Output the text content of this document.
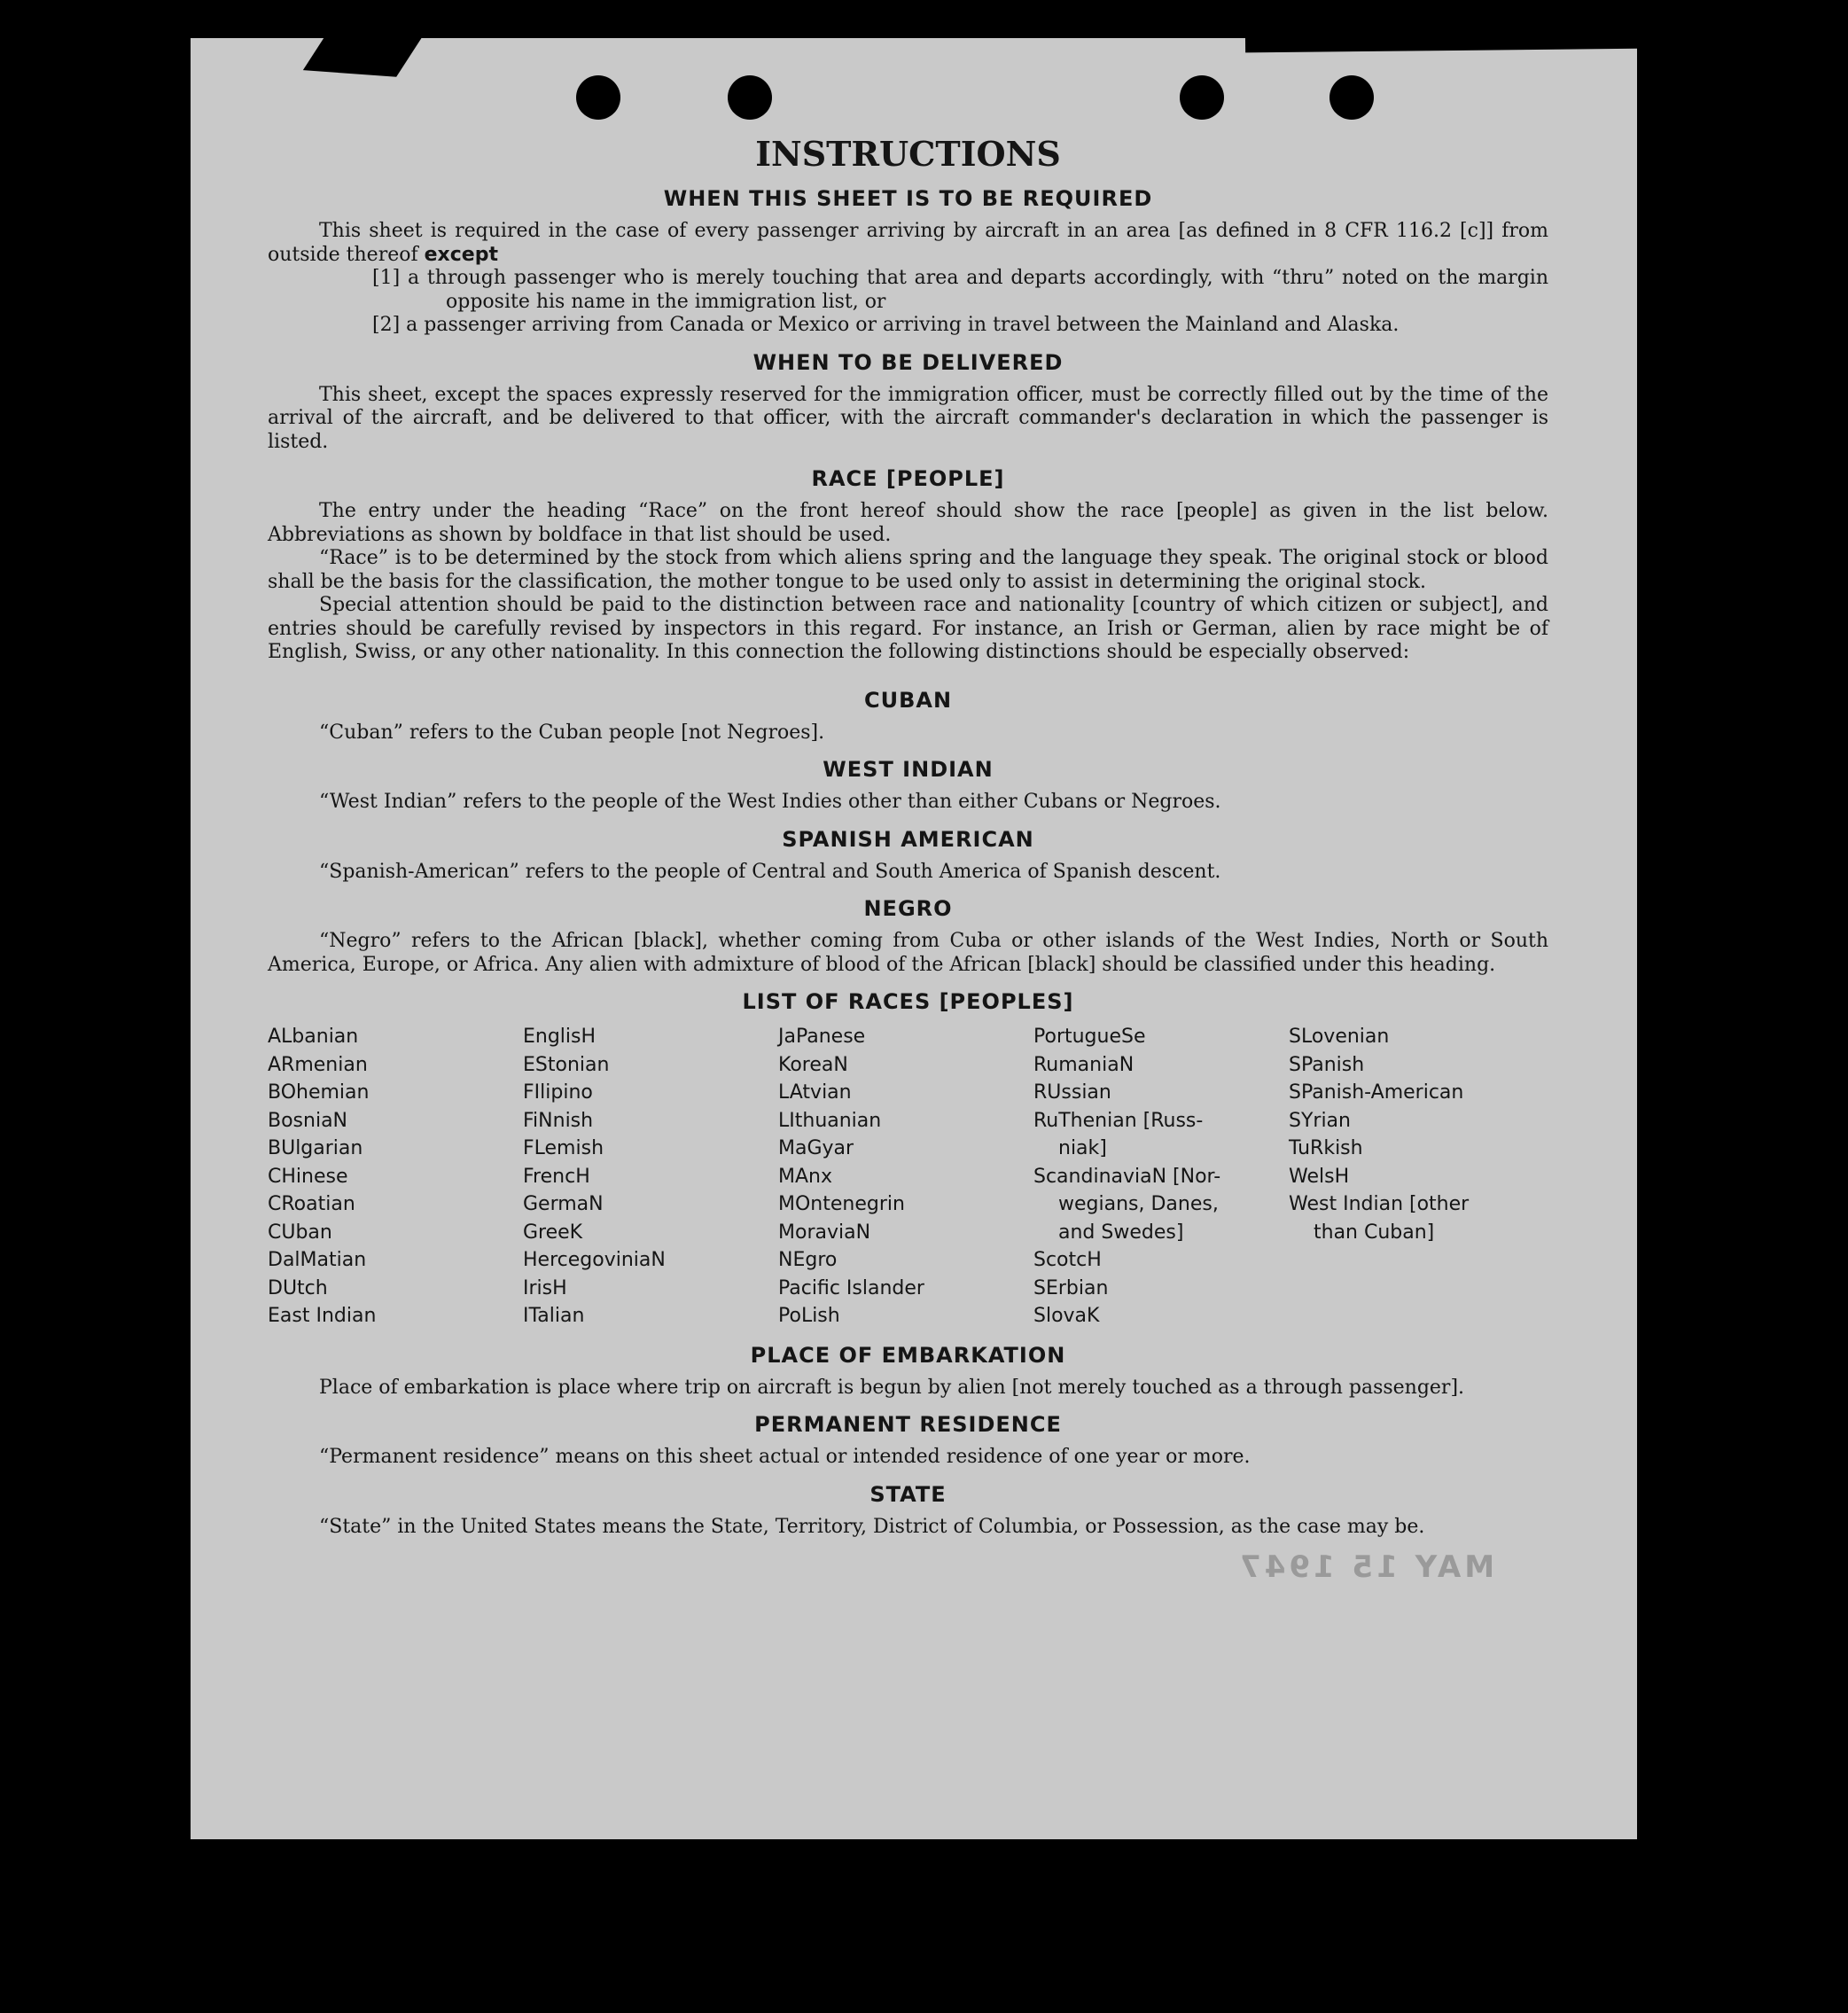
MAY 15 1947
INSTRUCTIONS
WHEN THIS SHEET IS TO BE REQUIRED

This sheet is required in the case of every passenger arriving by aircraft in an area [as defined in 8 CFR 116.2 [c]] from outside thereof except

[1] a through passenger who is merely touching that area and departs accordingly, with “thru” noted on the margin opposite his name in the immigration list, or

[2] a passenger arriving from Canada or Mexico or arriving in travel between the Mainland and Alaska.

WHEN TO BE DELIVERED

This sheet, except the spaces expressly reserved for the immigration officer, must be correctly filled out by the time of the arrival of the aircraft, and be delivered to that officer, with the aircraft commander's declaration in which the passenger is listed.

RACE [PEOPLE]

The entry under the heading “Race” on the front hereof should show the race [people] as given in the list below. Abbreviations as shown by boldface in that list should be used.

“Race” is to be determined by the stock from which aliens spring and the language they speak. The original stock or blood shall be the basis for the classification, the mother tongue to be used only to assist in determining the original stock.

Special attention should be paid to the distinction between race and nationality [country of which citizen or subject], and entries should be carefully revised by inspectors in this regard. For instance, an Irish or German, alien by race might be of English, Swiss, or any other nationality. In this connection the following distinctions should be especially observed:

CUBAN

“Cuban” refers to the Cuban people [not Negroes].

WEST INDIAN

“West Indian” refers to the people of the West Indies other than either Cubans or Negroes.

SPANISH AMERICAN

“Spanish-American” refers to the people of Central and South America of Spanish descent.

NEGRO

“Negro” refers to the African [black], whether coming from Cuba or other islands of the West Indies, North or South America, Europe, or Africa. Any alien with admixture of blood of the African [black] should be classified under this heading.

LIST OF RACES [PEOPLES]
ALbanian
ARmenian
BOhemian
BosniaN
BUlgarian
CHinese
CRoatian
CUban
DalMatian
DUtch
East Indian
EnglisH
EStonian
FIlipino
FiNnish
FLemish
FrencH
GermaN
GreeK
HercegovinіaN
IrisH
ITalian
JaPanese
KoreaN
LAtvian
LIthuanian
MaGyar
MAnx
MOntenegrin
MoraviaN
NEgro
Pacific Islander
PoLish
PortugueSe
RumaniaN
RUssian
RuThenian [Russ-
niak]
ScandinaviaN [Nor-
wegians, Danes,
and Swedes]
ScotcH
SErbian
SlovaK
SLovenian
SPanish
SPanish-American
SYrian
TuRkish
WelsH
West Indian [other
than Cuban]
PLACE OF EMBARKATION

Place of embarkation is place where trip on aircraft is begun by alien [not merely touched as a through passenger].

PERMANENT RESIDENCE

“Permanent residence” means on this sheet actual or intended residence of one year or more.

STATE

“State” in the United States means the State, Territory, District of Columbia, or Possession, as the case may be.
